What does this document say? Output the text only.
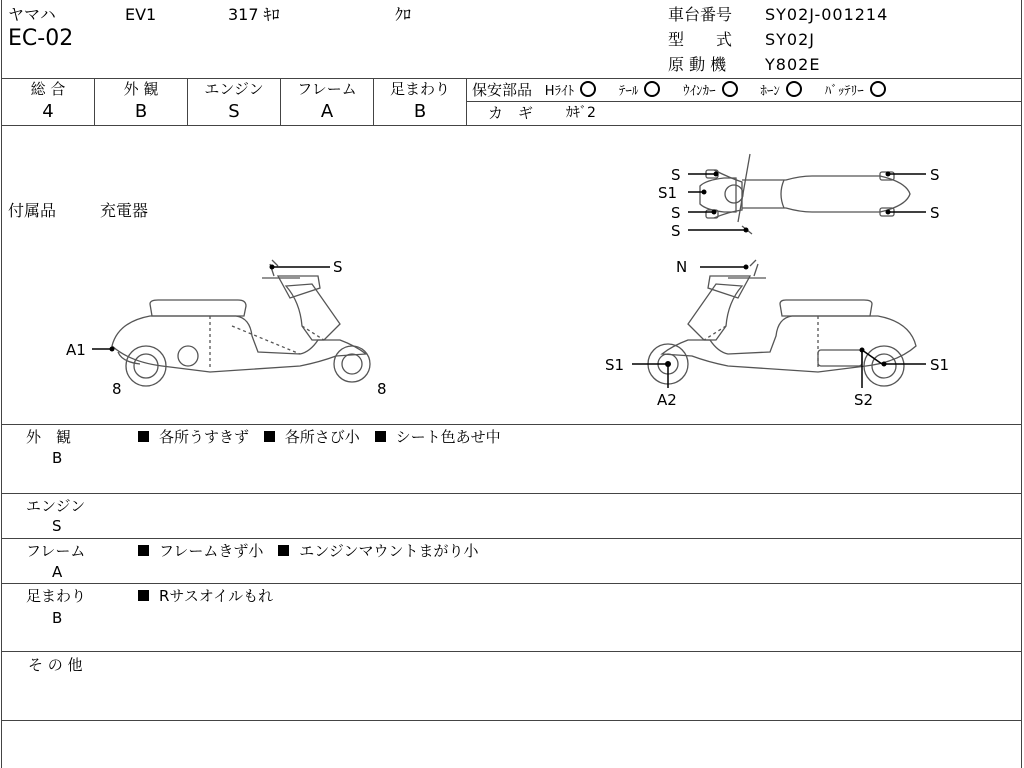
ヤマハ	EV1	317 ｷﾛ	ｸﾛ
EC-02
車台番号 SY02J-001214
型　　式 SY02J
原 動 機 Y802E
総 合
4
外 観
B
エンジン
S
フレーム
A
足まわり
B
保安部品 Hﾗｲﾄ	ﾃｰﾙ	ｳｲﾝｶｰ	ﾎｰﾝ	ﾊﾞｯﾃﾘｰ
カ　ギ ｶｷﾞ2
付属品	充電器
S
A1
8	8
N
S1
A2
S1
S2
S
S1
S
S
S
S
外　観
B
各所うすきず 各所さび小 シート色あせ中
エンジン
S
フレーム
A
フレームきず小 エンジンマウントまがり小
足まわり
B
Rサスオイルもれ
そ の 他
